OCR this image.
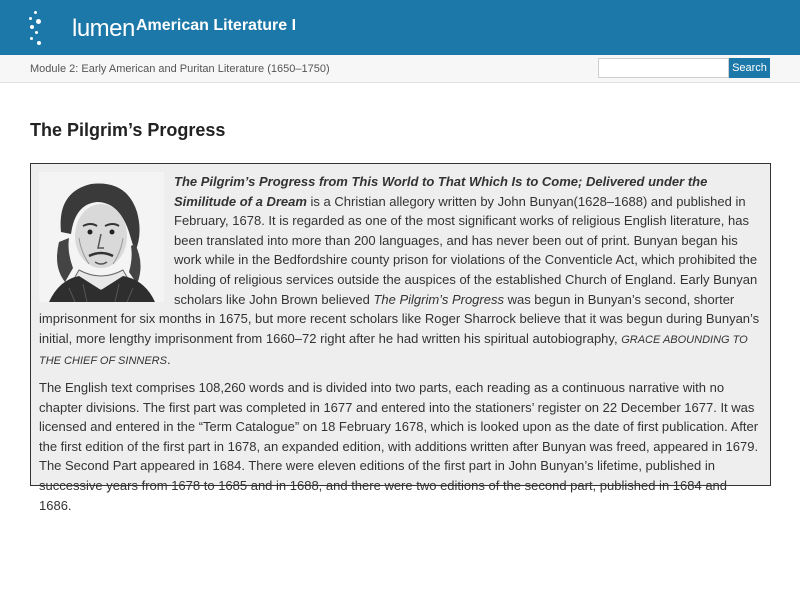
lumen American Literature I
Module 2: Early American and Puritan Literature (1650–1750)	Search
The Pilgrim’s Progress

The Pilgrim’s Progress from This World to That Which Is to Come; Delivered under the Similitude of a Dream is a Christian allegory written by John Bunyan(1628–1688) and published in February, 1678. It is regarded as one of the most significant works of religious English literature, has been translated into more than 200 languages, and has never been out of print. Bunyan began his work while in the Bedfordshire county prison for violations of the Conventicle Act, which prohibited the holding of religious services outside the auspices of the established Church of England. Early Bunyan scholars like John Brown believed The Pilgrim’s Progress was begun in Bunyan’s second, shorter imprisonment for six months in 1675, but more recent scholars like Roger Sharrock believe that it was begun during Bunyan’s initial, more lengthy imprisonment from 1660–72 right after he had written his spiritual autobiography, GRACE ABOUNDING TO THE CHIEF OF SINNERS.

The English text comprises 108,260 words and is divided into two parts, each reading as a continuous narrative with no chapter divisions. The first part was completed in 1677 and entered into the stationers’ register on 22 December 1677. It was licensed and entered in the “Term Catalogue” on 18 February 1678, which is looked upon as the date of first publication. After the first edition of the first part in 1678, an expanded edition, with additions written after Bunyan was freed, appeared in 1679. The Second Part appeared in 1684. There were eleven editions of the first part in John Bunyan’s lifetime, published in successive years from 1678 to 1685 and in 1688, and there were two editions of the second part, published in 1684 and 1686.
